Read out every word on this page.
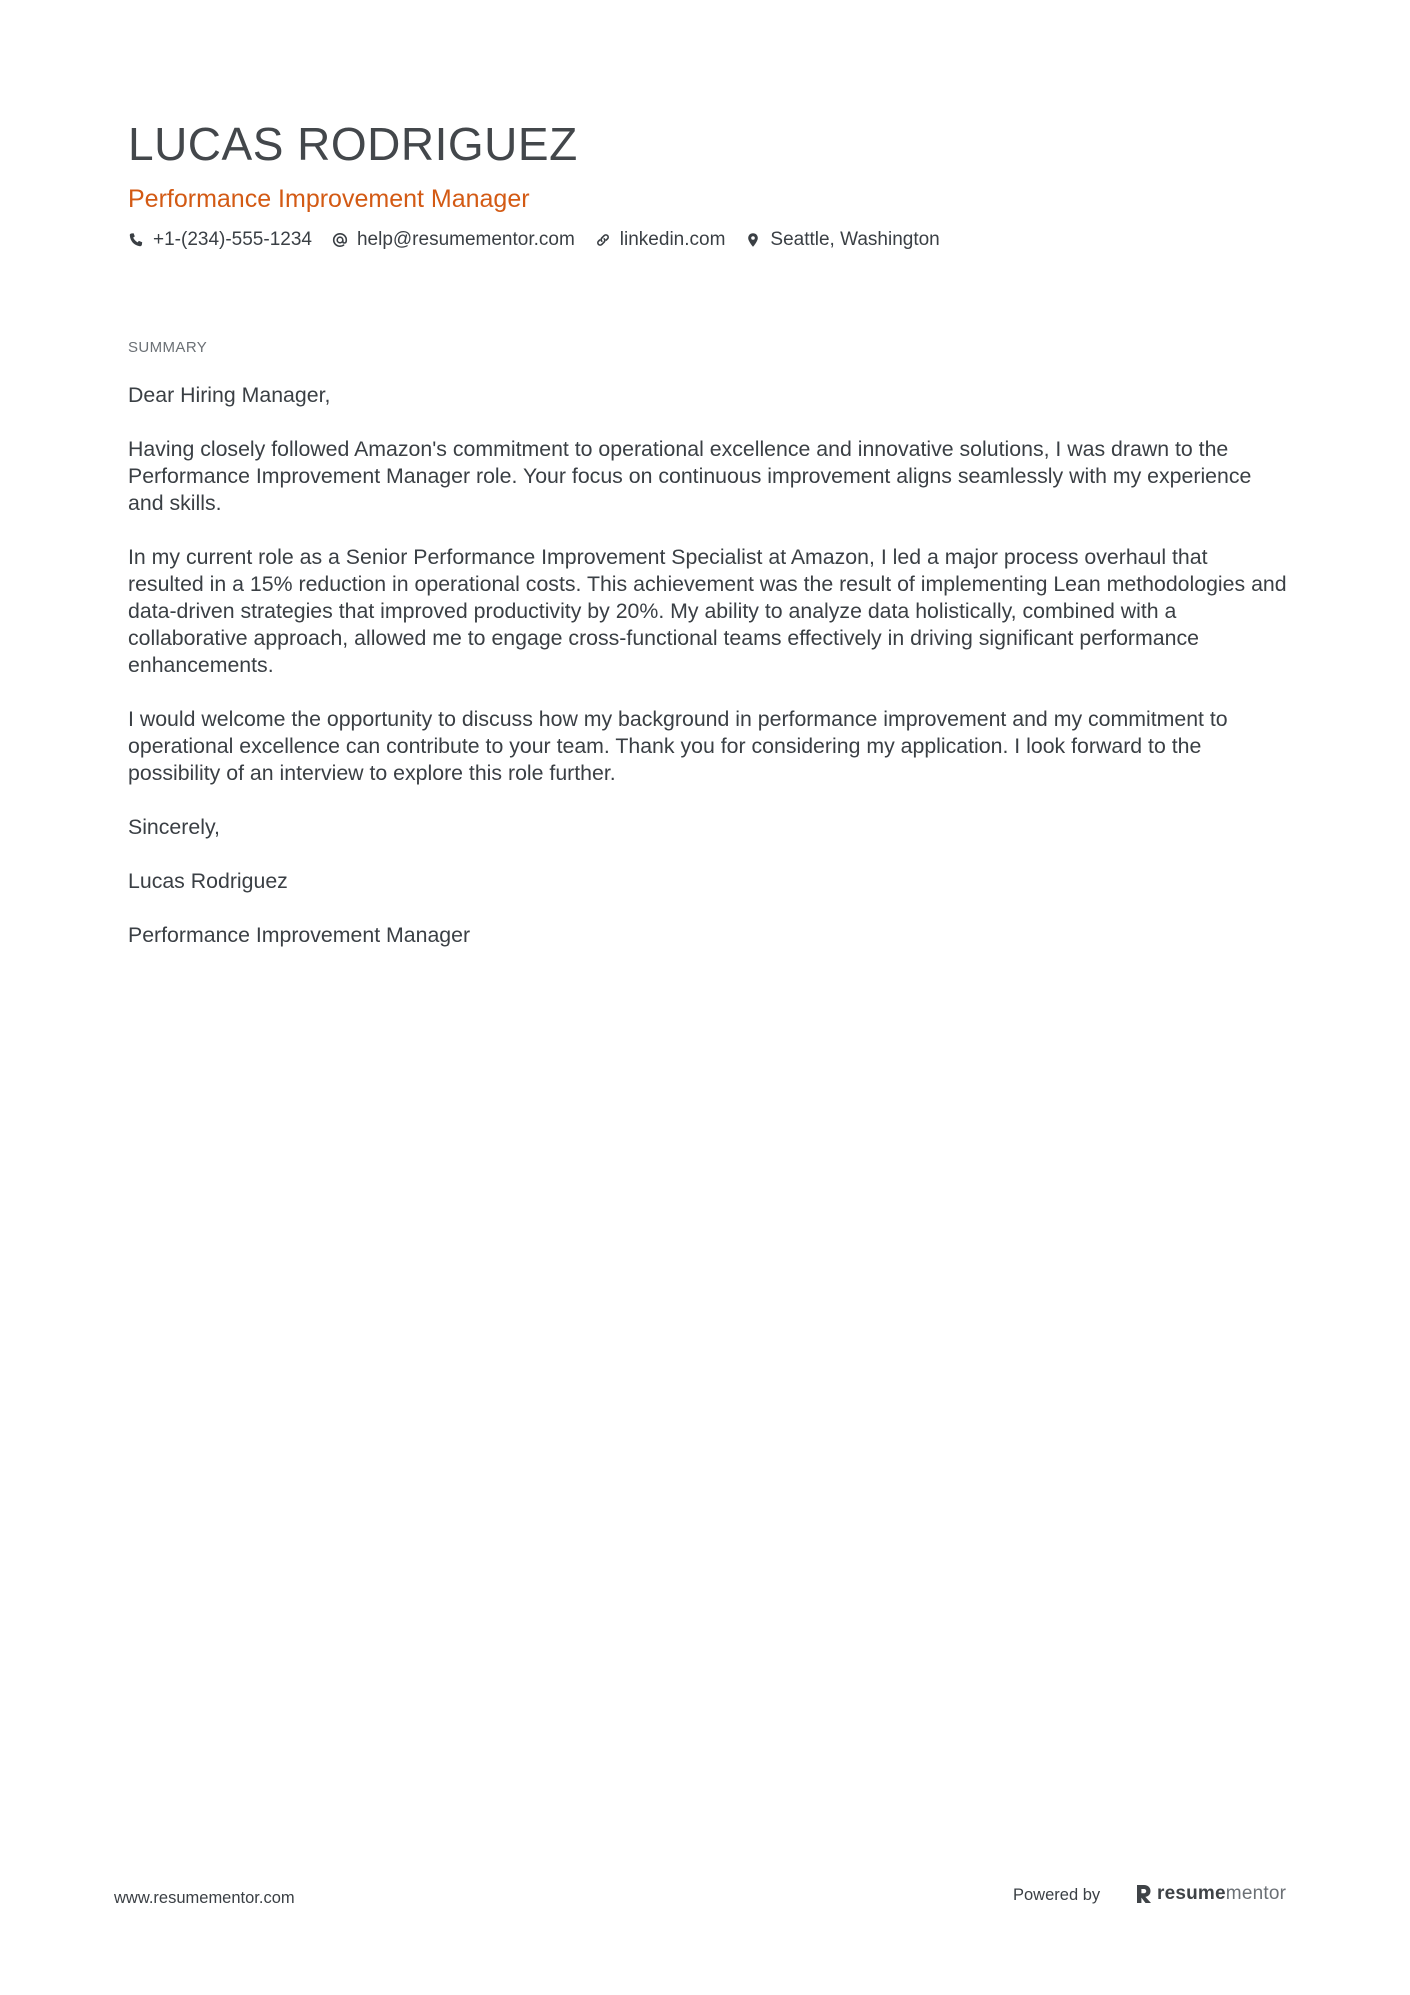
LUCAS RODRIGUEZ
Performance Improvement Manager
+1-(234)-555-1234 help@resumementor.com linkedin.com Seattle, Washington
SUMMARY

Dear Hiring Manager,

Having closely followed Amazon's commitment to operational excellence and innovative solutions, I was drawn to the Performance Improvement Manager role. Your focus on continuous improvement aligns seamlessly with my experience and skills.

In my current role as a Senior Performance Improvement Specialist at Amazon, I led a major process overhaul that resulted in a 15% reduction in operational costs. This achievement was the result of implementing Lean methodologies and data-driven strategies that improved productivity by 20%. My ability to analyze data holistically, combined with a collaborative approach, allowed me to engage cross-functional teams effectively in driving significant performance enhancements.

I would welcome the opportunity to discuss how my background in performance improvement and my commitment to operational excellence can contribute to your team. Thank you for considering my application. I look forward to the possibility of an interview to explore this role further.

Sincerely,

Lucas Rodriguez

Performance Improvement Manager

www.resumementor.com	Powered by	resumementor
